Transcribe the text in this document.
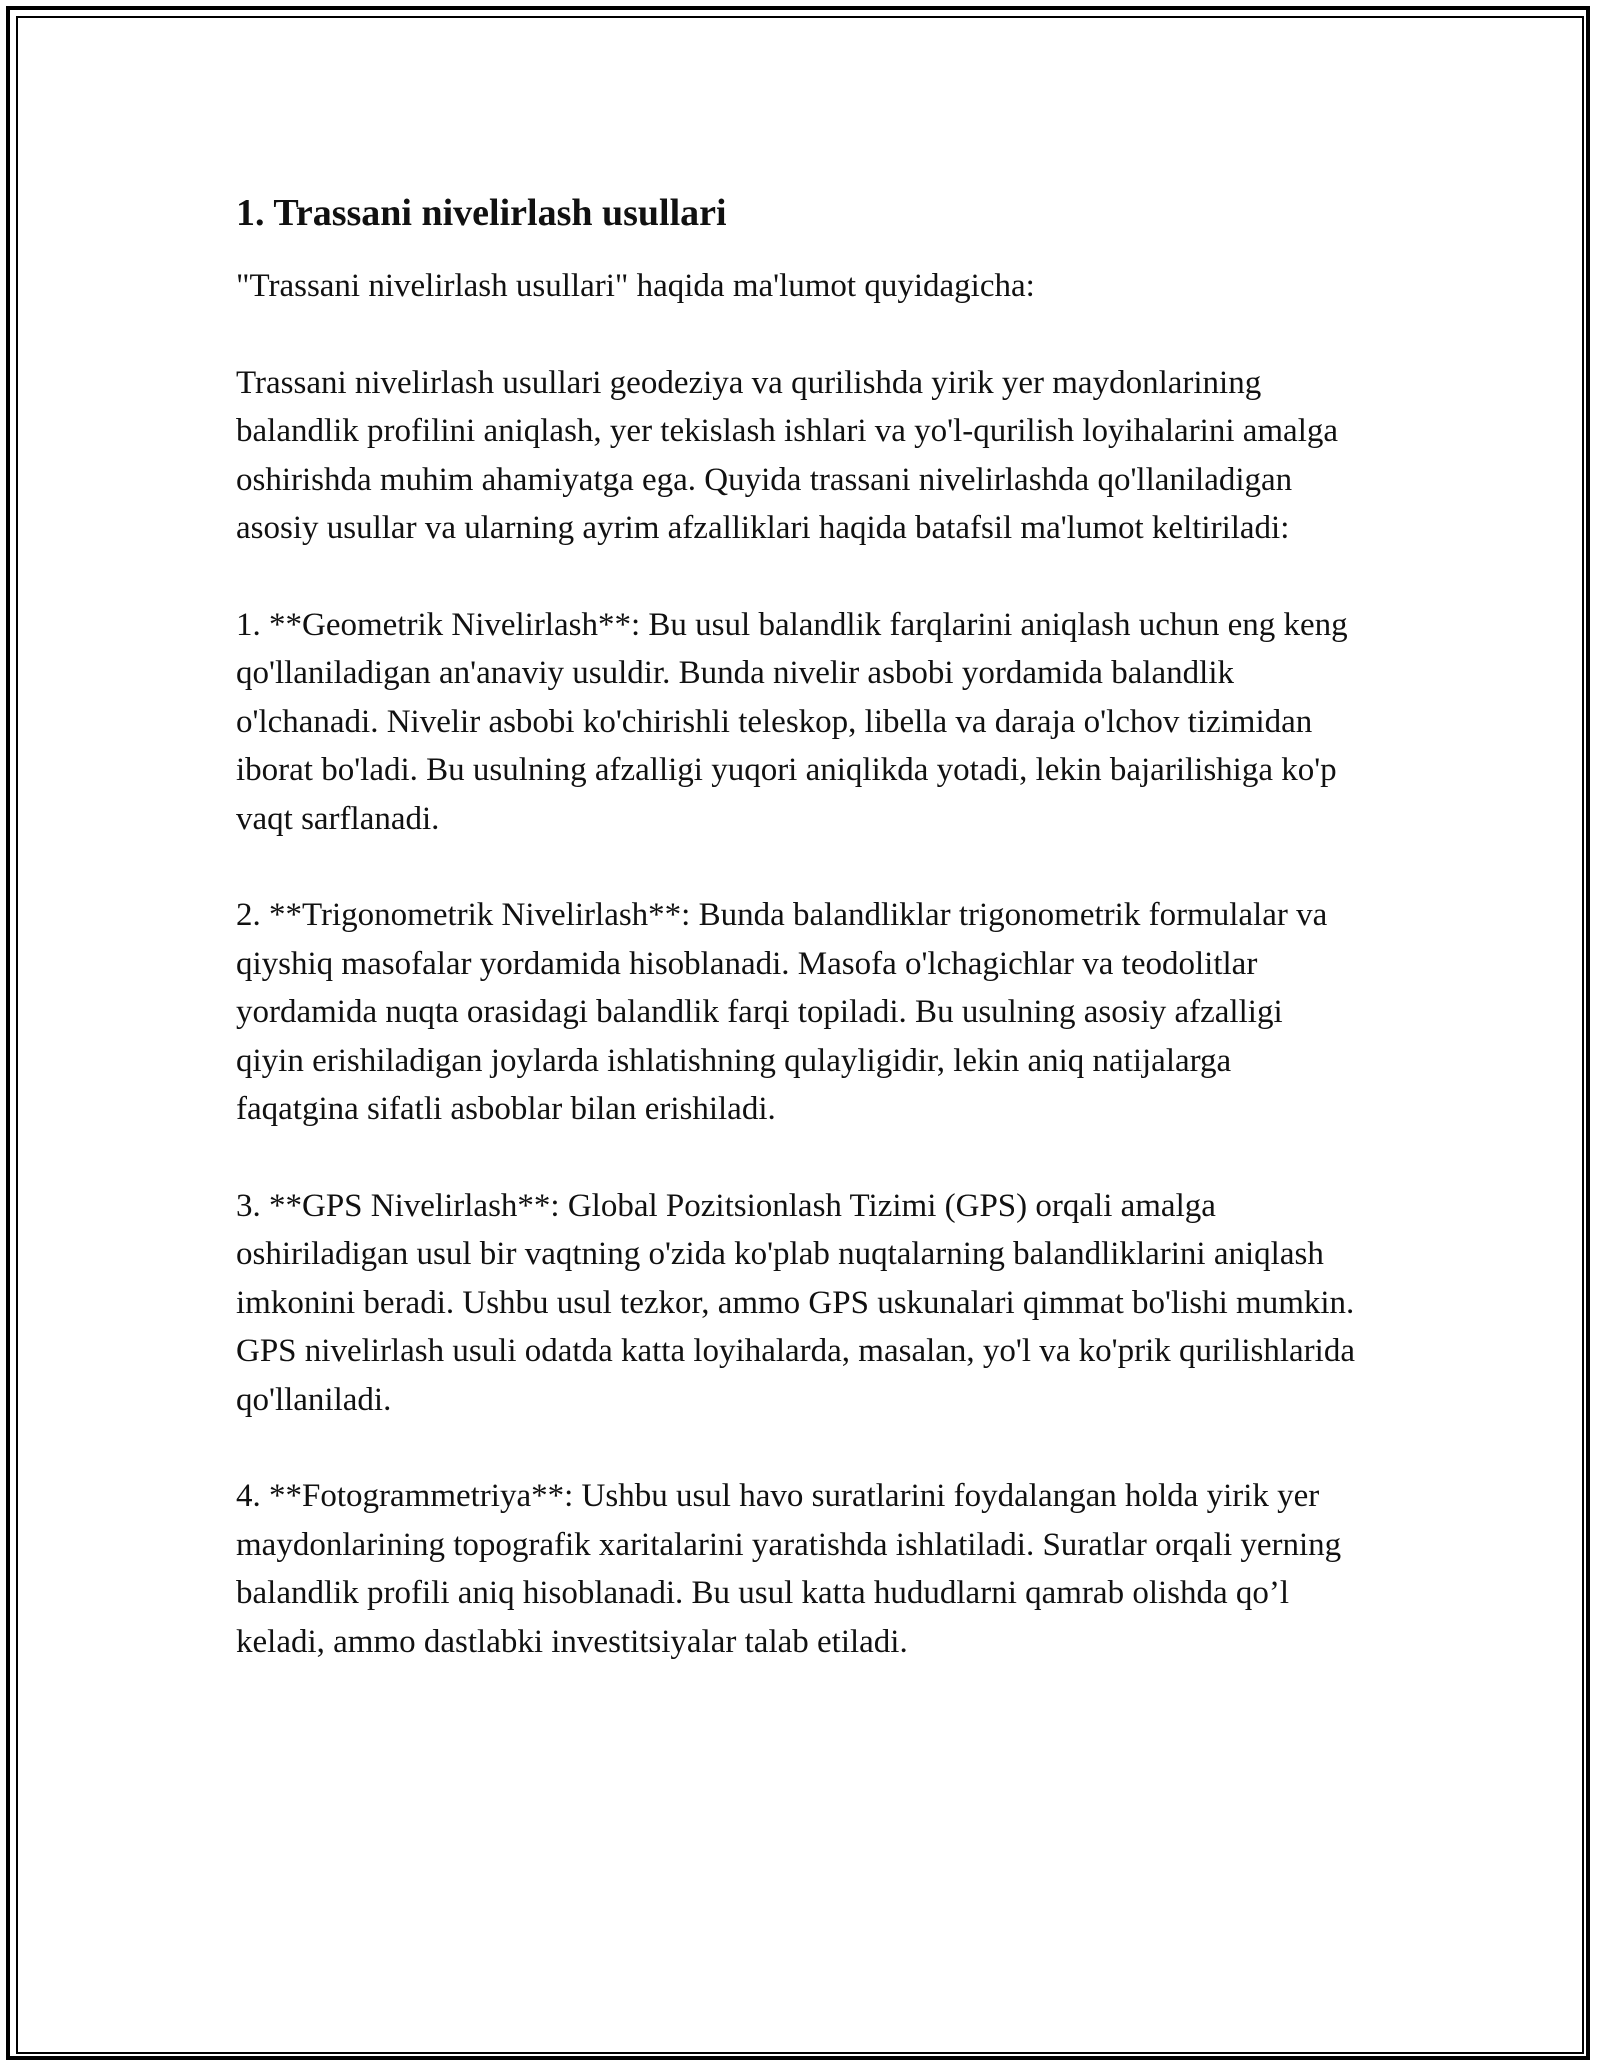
1. Trassani nivelirlash usullari

"Trassani nivelirlash usullari" haqida ma'lumot quyidagicha:

Trassani nivelirlash usullari geodeziya va qurilishda yirik yer maydonlarining balandlik profilini aniqlash, yer tekislash ishlari va yo'l-qurilish loyihalarini amalga oshirishda muhim ahamiyatga ega. Quyida trassani nivelirlashda qo'llaniladigan asosiy usullar va ularning ayrim afzalliklari haqida batafsil ma'lumot keltiriladi:

1. **Geometrik Nivelirlash**: Bu usul balandlik farqlarini aniqlash uchun eng keng qo'llaniladigan an'anaviy usuldir. Bunda nivelir asbobi yordamida balandlik o'lchanadi. Nivelir asbobi ko'chirishli teleskop, libella va daraja o'lchov tizimidan iborat bo'ladi. Bu usulning afzalligi yuqori aniqlikda yotadi, lekin bajarilishiga ko'p vaqt sarflanadi.

2. **Trigonometrik Nivelirlash**: Bunda balandliklar trigonometrik formulalar va qiyshiq masofalar yordamida hisoblanadi. Masofa o'lchagichlar va teodolitlar yordamida nuqta orasidagi balandlik farqi topiladi. Bu usulning asosiy afzalligi qiyin erishiladigan joylarda ishlatishning qulayligidir, lekin aniq natijalarga faqatgina sifatli asboblar bilan erishiladi.

3. **GPS Nivelirlash**: Global Pozitsionlash Tizimi (GPS) orqali amalga oshiriladigan usul bir vaqtning o'zida ko'plab nuqtalarning balandliklarini aniqlash imkonini beradi. Ushbu usul tezkor, ammo GPS uskunalari qimmat bo'lishi mumkin. GPS nivelirlash usuli odatda katta loyihalarda, masalan, yo'l va ko'prik qurilishlarida qo'llaniladi.

4. **Fotogrammetriya**: Ushbu usul havo suratlarini foydalangan holda yirik yer maydonlarining topografik xaritalarini yaratishda ishlatiladi. Suratlar orqali yerning balandlik profili aniq hisoblanadi. Bu usul katta hududlarni qamrab olishda qo’l keladi, ammo dastlabki investitsiyalar talab etiladi.
